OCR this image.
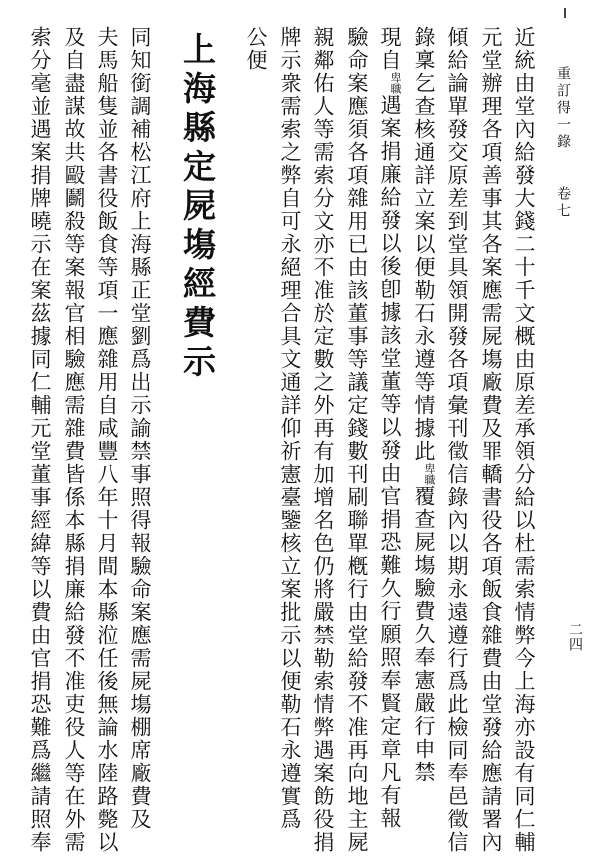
重訂得一錄
卷七
二四
近統由堂內給發大錢二十千文概由原差承領分給以杜需索情弊今上海亦設有同仁輔
元堂辦理各項善事其各案應需屍塲廠費及罪轎書役各項飯食雜費由堂發給應請署內
傾給論單發交原差到堂具領開發各項彙刊徵信錄內以期永遠遵行爲此檢同奉邑徵信
錄稟乞查核通詳立案以便勒石永遵等情據此卑職覆查屍塲驗費久奉憲嚴行申禁
現自卑職遇案捐廉給發以後卽據該堂董等以發由官捐恐難久行願照奉賢定章凡有報
驗命案應須各項雜用已由該董事等議定錢數刊刷聯單槪行由堂給發不准再向地主屍
親鄰佑人等需索分文亦不准於定數之外再有加增名色仍將嚴禁勒索情弊遇案飭役捐
牌示衆需索之弊自可永絕理合具文通詳仰祈憲臺鑒核立案批示以便勒石永遵實爲
公便
上海縣定屍塲經費示
同知銜調補松江府上海縣正堂劉爲出示諭禁事照得報驗命案應需屍塲棚席廠費及
夫馬船隻並各書役飯食等項一應雜用自咸豐八年十月間本縣涖任後無論水陸路斃以
及自盡謀故共毆鬬殺等案報官相驗應需雜費皆係本縣捐廉給發不准吏役人等在外需
索分毫並遇案捐牌曉示在案茲據同仁輔元堂董事經緯等以費由官捐恐難爲繼請照奉
